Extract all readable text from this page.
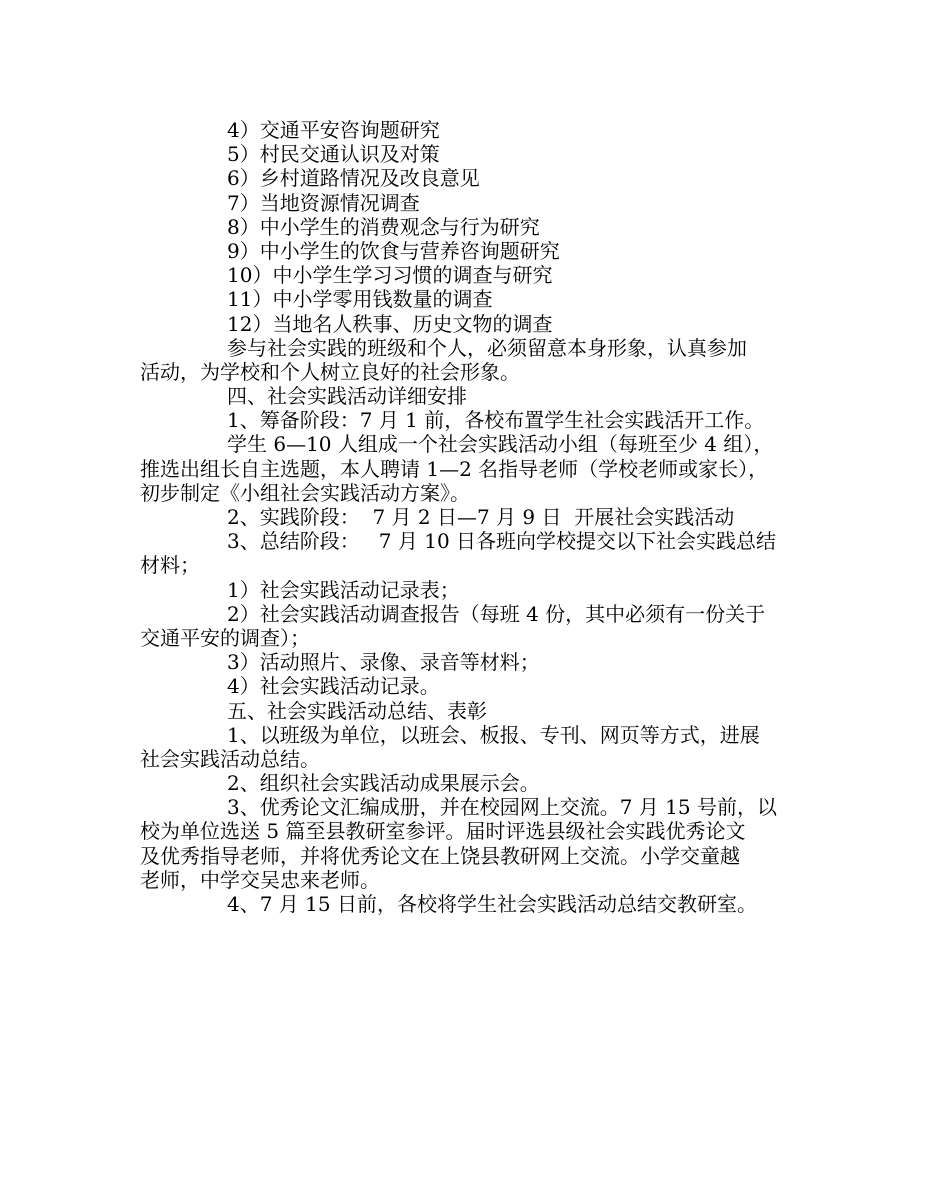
4）交通平安咨询题研究
5）村民交通认识及对策
6）乡村道路情况及改良意见
7）当地资源情况调查
8）中小学生的消费观念与行为研究
9）中小学生的饮食与营养咨询题研究
10）中小学生学习习惯的调查与研究
11）中小学零用钱数量的调查
12）当地名人秩事、历史文物的调查
参与社会实践的班级和个人，必须留意本身形象，认真参加
活动，为学校和个人树立良好的社会形象。
四、社会实践活动详细安排
1、筹备阶段：7 月 1 前，各校布置学生社会实践活开工作。
学生 6—10 人组成一个社会实践活动小组（每班至少 4 组），
推选出组长自主选题，本人聘请 1—2 名指导老师（学校老师或家长），
初步制定《小组社会实践活动方案》。
2、实践阶段：  7 月 2 日—7 月 9 日  开展社会实践活动
3、总结阶段：   7 月 10 日各班向学校提交以下社会实践总结
材料；
1）社会实践活动记录表；
2）社会实践活动调查报告（每班 4 份，其中必须有一份关于
交通平安的调查）；
3）活动照片、录像、录音等材料；
4）社会实践活动记录。
五、社会实践活动总结、表彰
1、以班级为单位，以班会、板报、专刊、网页等方式，进展
社会实践活动总结。
2、组织社会实践活动成果展示会。
3、优秀论文汇编成册，并在校园网上交流。7 月 15 号前，以
校为单位选送 5 篇至县教研室参评。届时评选县级社会实践优秀论文
及优秀指导老师，并将优秀论文在上饶县教研网上交流。小学交童越
老师，中学交吴忠来老师。
4、7 月 15 日前，各校将学生社会实践活动总结交教研室。
